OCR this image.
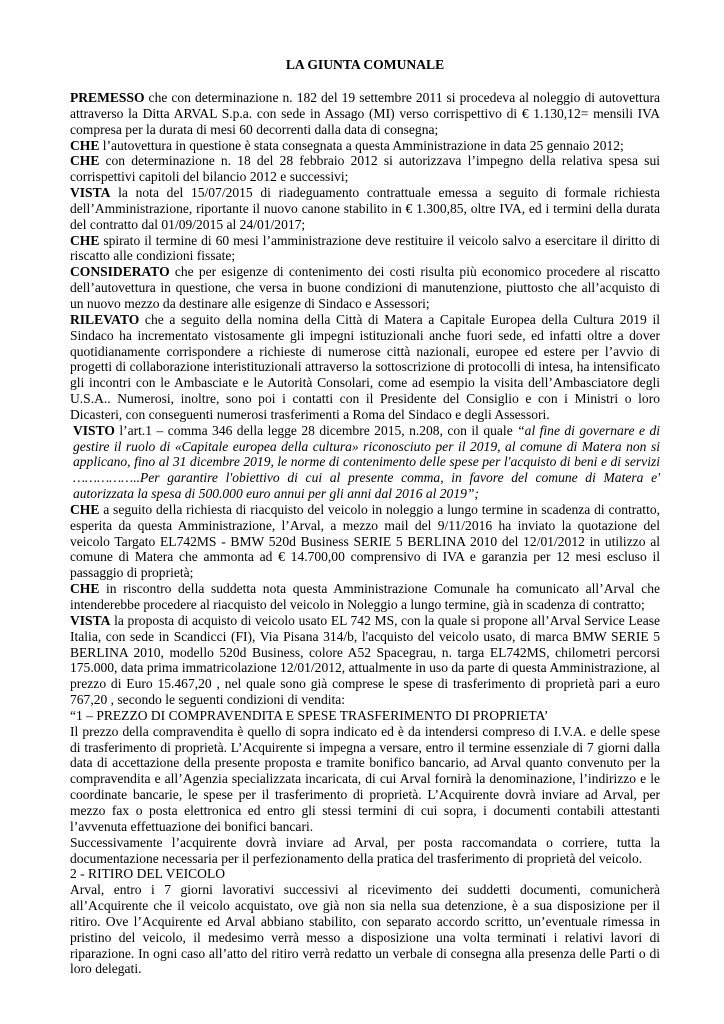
LA GIUNTA COMUNALE

PREMESSO che con determinazione n. 182 del 19 settembre 2011 si procedeva al noleggio di autovettura attraverso la Ditta ARVAL S.p.a. con sede in Assago (MI) verso corrispettivo di € 1.130,12= mensili IVA compresa per la durata di mesi 60 decorrenti dalla data di consegna;

CHE l’autovettura in questione è stata consegnata a questa Amministrazione in data 25 gennaio 2012;

CHE con determinazione n. 18 del 28 febbraio 2012 si autorizzava l’impegno della relativa spesa sui corrispettivi capitoli del bilancio 2012 e successivi;

VISTA la nota del 15/07/2015 di riadeguamento contrattuale emessa a seguito di formale richiesta dell’Amministrazione, riportante il nuovo canone stabilito in € 1.300,85, oltre IVA, ed i termini della durata del contratto dal 01/09/2015 al 24/01/2017;

CHE spirato il termine di 60 mesi l’amministrazione deve restituire il veicolo salvo a esercitare il diritto di riscatto alle condizioni fissate;

CONSIDERATO che per esigenze di contenimento dei costi risulta più economico procedere al riscatto dell’autovettura in questione, che versa in buone condizioni di manutenzione, piuttosto che all’acquisto di un nuovo mezzo da destinare alle esigenze di Sindaco e Assessori;

RILEVATO che a seguito della nomina della Città di Matera a Capitale Europea della Cultura 2019 il Sindaco ha incrementato vistosamente gli impegni istituzionali anche fuori sede, ed infatti oltre a dover quotidianamente corrispondere a richieste di numerose città nazionali, europee ed estere per l’avvio di progetti di collaborazione interistituzionali attraverso la sottoscrizione di protocolli di intesa, ha intensificato gli incontri con le Ambasciate e le Autorità Consolari, come ad esempio la visita dell’Ambasciatore degli U.S.A.. Numerosi, inoltre, sono poi i contatti con il Presidente del Consiglio e con i Ministri o loro Dicasteri, con conseguenti numerosi trasferimenti a Roma del Sindaco e degli Assessori.

VISTO l’art.1 – comma 346 della legge 28 dicembre 2015, n.208, con il quale “al fine di governare e di gestire il ruolo di «Capitale europea della cultura» riconosciuto per il 2019, al comune di Matera non si applicano, fino al 31 dicembre 2019, le norme di contenimento delle spese per l'acquisto di beni e di servizi ……………..Per garantire l'obiettivo di cui al presente comma, in favore del comune di Matera e' autorizzata la spesa di 500.000 euro annui per gli anni dal 2016 al 2019”;

CHE a seguito della richiesta di riacquisto del veicolo in noleggio a lungo termine in scadenza di contratto, esperita da questa Amministrazione, l’Arval, a mezzo mail del 9/11/2016 ha inviato la quotazione del veicolo Targato EL742MS - BMW 520d Business SERIE 5 BERLINA 2010 del 12/01/2012 in utilizzo al comune di Matera che ammonta ad € 14.700,00 comprensivo di IVA e garanzia per 12 mesi escluso il passaggio di proprietà;

CHE in riscontro della suddetta nota questa Amministrazione Comunale ha comunicato all’Arval che intenderebbe procedere al riacquisto del veicolo in Noleggio a lungo termine, già in scadenza di contratto;

VISTA la proposta di acquisto di veicolo usato EL 742 MS, con la quale si propone all’Arval Service Lease Italia, con sede in Scandicci (FI), Via Pisana 314/b, l'acquisto del veicolo usato, di marca BMW SERIE 5 BERLINA 2010, modello 520d Business, colore A52 Spacegrau, n. targa EL742MS, chilometri percorsi 175.000, data prima immatricolazione 12/01/2012, attualmente in uso da parte di questa Amministrazione, al prezzo di Euro 15.467,20 , nel quale sono già comprese le spese di trasferimento di proprietà pari a euro 767,20 , secondo le seguenti condizioni di vendita:

“1 – PREZZO DI COMPRAVENDITA E SPESE TRASFERIMENTO DI PROPRIETA’

Il prezzo della compravendita è quello di sopra indicato ed è da intendersi compreso di I.V.A. e delle spese di trasferimento di proprietà. L’Acquirente si impegna a versare, entro il termine essenziale di 7 giorni dalla data di accettazione della presente proposta e tramite bonifico bancario, ad Arval quanto convenuto per la compravendita e all’Agenzia specializzata incaricata, di cui Arval fornirà la denominazione, l’indirizzo e le coordinate bancarie, le spese per il trasferimento di proprietà. L’Acquirente dovrà inviare ad Arval, per mezzo fax o posta elettronica ed entro gli stessi termini di cui sopra, i documenti contabili attestanti l’avvenuta effettuazione dei bonifici bancari.

Successivamente l’acquirente dovrà inviare ad Arval, per posta raccomandata o corriere, tutta la documentazione necessaria per il perfezionamento della pratica del trasferimento di proprietà del veicolo.

2 - RITIRO DEL VEICOLO

Arval, entro i 7 giorni lavorativi successivi al ricevimento dei suddetti documenti, comunicherà all’Acquirente che il veicolo acquistato, ove già non sia nella sua detenzione, è a sua disposizione per il ritiro. Ove l’Acquirente ed Arval abbiano stabilito, con separato accordo scritto, un’eventuale rimessa in pristino del veicolo, il medesimo verrà messo a disposizione una volta terminati i relativi lavori di riparazione. In ogni caso all’atto del ritiro verrà redatto un verbale di consegna alla presenza delle Parti o di loro delegati.
